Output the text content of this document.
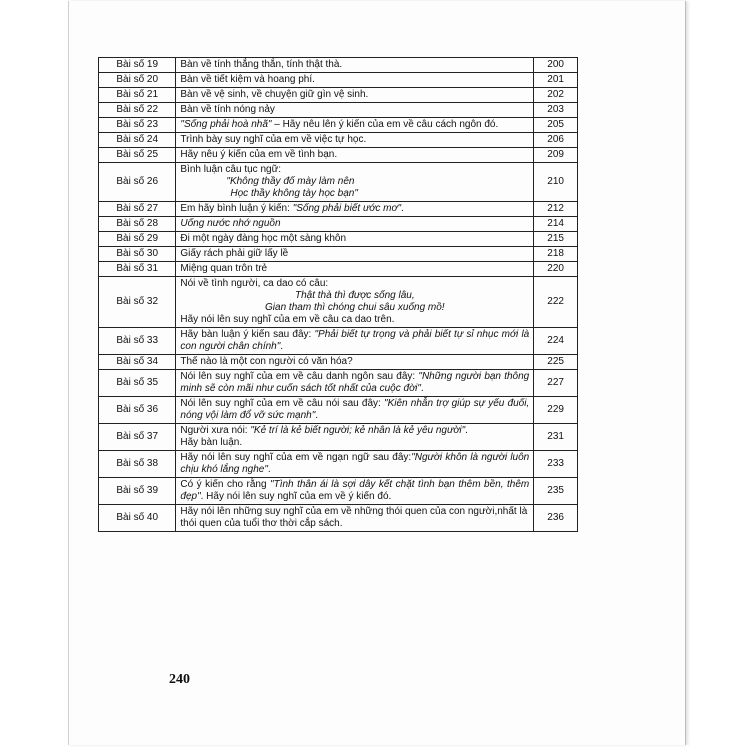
Bài số 19	Bàn về tính thẳng thắn, tính thật thà.	200
Bài số 20	Bàn về tiết kiệm và hoang phí.	201
Bài số 21	Bàn về vệ sinh, về chuyện giữ gìn vệ sinh.	202
Bài số 22	Bàn về tính nóng nảy	203
Bài số 23	"Sống phải hoà nhã" – Hãy nêu lên ý kiến của em về câu cách ngôn đó.	205
Bài số 24	Trình bày suy nghĩ của em về việc tự học.	206
Bài số 25	Hãy nêu ý kiến của em về tình bạn.	209
Bài số 26	Bình luận câu tục ngữ:
"Không thầy đố mày làm nên
Học thầy không tày học bạn"	210
Bài số 27	Em hãy bình luận ý kiến: "Sống phải biết ước mơ".	212
Bài số 28	Uống nước nhớ nguồn	214
Bài số 29	Đi một ngày đàng học một sàng khôn	215
Bài số 30	Giấy rách phải giữ lấy lề	218
Bài số 31	Miệng quan trôn trẻ	220
Bài số 32	Nói về tình người, ca dao có câu:
Thật thà thì được sống lâu,
Gian tham thì chóng chui sâu xuống mồ!
Hãy nói lên suy nghĩ của em về câu ca dao trên.	222
Bài số 33	Hãy bàn luận ý kiến sau đây: "Phải biết tự trọng và phải biết tự sỉ nhục mới là con người chân chính".	224
Bài số 34	Thế nào là một con người có văn hóa?	225
Bài số 35	Nói lên suy nghĩ của em về câu danh ngôn sau đây: "Những người bạn thông minh sẽ còn mãi như cuốn sách tốt nhất của cuộc đời".	227
Bài số 36	Nói lên suy nghĩ của em về câu nói sau đây: "Kiên nhẫn trợ giúp sự yếu đuối, nóng vội làm đổ vỡ sức mạnh".	229
Bài số 37	Người xưa nói: "Kẻ trí là kẻ biết người; kẻ nhân là kẻ yêu người".
Hãy bàn luận.	231
Bài số 38	Hãy nói lên suy nghĩ của em về ngạn ngữ sau đây:"Người khôn là người luôn chịu khó lắng nghe".	233
Bài số 39	Có ý kiến cho rằng "Tình thân ái là sợi dây kết chặt tình bạn thêm bền, thêm đẹp". Hãy nói lên suy nghĩ của em về ý kiến đó.	235
Bài số 40	Hãy nói lên những suy nghĩ của em về những thói quen của con người,nhất là thói quen của tuổi thơ thời cắp sách.	236
240
